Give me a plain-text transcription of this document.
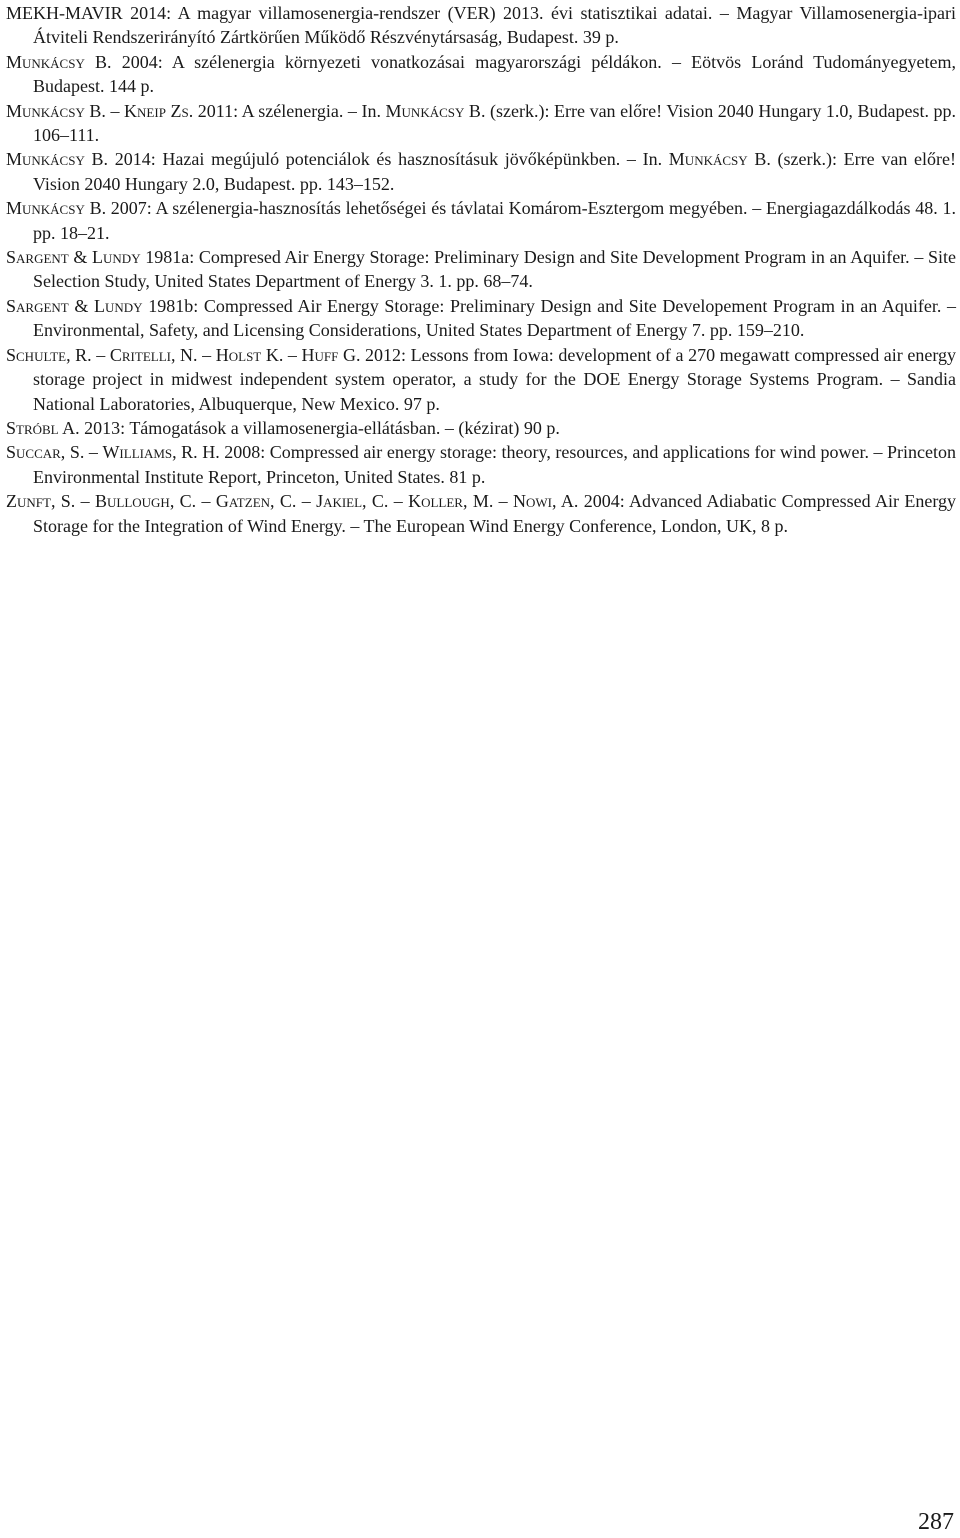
MEKH-MAVIR 2014: A magyar villamosenergia-rendszer (VER) 2013. évi statisztikai adatai. – Magyar Villamosenergia-ipari Átviteli Rendszerirányító Zártkörűen Működő Részvénytársaság, Budapest. 39 p.
Munkácsy B. 2004: A szélenergia környezeti vonatkozásai magyarországi példákon. – Eötvös Loránd Tudományegyetem, Budapest. 144 p.
Munkácsy B. – Kneip Zs. 2011: A szélenergia. – In. Munkácsy B. (szerk.): Erre van előre! Vision 2040 Hungary 1.0, Budapest. pp. 106–111.
Munkácsy B. 2014: Hazai megújuló potenciálok és hasznosításuk jövőképünkben. – In. Munkácsy B. (szerk.): Erre van előre! Vision 2040 Hungary 2.0, Budapest. pp. 143–152.
Munkácsy B. 2007: A szélenergia-hasznosítás lehetőségei és távlatai Komárom-Esztergom megyében. – Energiagazdálkodás 48. 1. pp. 18–21.
Sargent & Lundy 1981a: Compresed Air Energy Storage: Preliminary Design and Site Development Program in an Aquifer. – Site Selection Study, United States Department of Energy 3. 1. pp. 68–74.
Sargent & Lundy 1981b: Compressed Air Energy Storage: Preliminary Design and Site Developement Program in an Aquifer. – Environmental, Safety, and Licensing Considerations, United States Department of Energy 7. pp. 159–210.
Schulte, R. – Critelli, N. – Holst K. – Huff G. 2012: Lessons from Iowa: development of a 270 megawatt compressed air energy storage project in midwest independent system operator, a study for the DOE Energy Storage Systems Program. – Sandia National Laboratories, Albuquerque, New Mexico. 97 p.
Stróbl A. 2013: Támogatások a villamosenergia-ellátásban. – (kézirat) 90 p.
Succar, S. – Williams, R. H. 2008: Compressed air energy storage: theory, resources, and applications for wind power. – Princeton Environmental Institute Report, Princeton, United States. 81 p.
Zunft, S. – Bullough, C. – Gatzen, C. – Jakiel, C. – Koller, M. – Nowi, A. 2004: Advanced Adiabatic Compressed Air Energy Storage for the Integration of Wind Energy. – The European Wind Energy Conference, London, UK, 8 p.

287
